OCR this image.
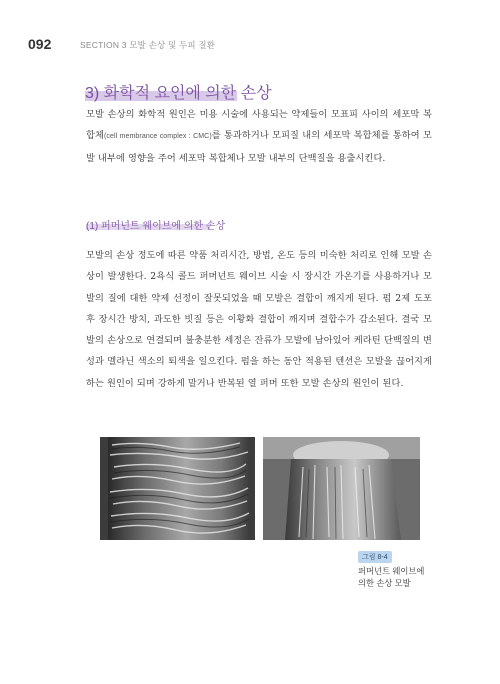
092	SECTION 3 모발 손상 및 두피 질환
3) 화학적 요인에 의한 손상
모발 손상의 화학적 원인은 미용 시술에 사용되는 약제들이 모표피 사이의 세포막 복합체(cell membrance complex : CMC)를 통과하거나 모피질 내의 세포막 복합체를 통하여 모발 내부에 영향을 주어 세포막 복합체나 모발 내부의 단백질을 용출시킨다.
(1) 퍼머넌트 웨이브에 의한 손상
모발의 손상 정도에 따른 약품 처리시간, 방법, 온도 등의 미숙한 처리로 인해 모발 손상이 발생한다. 2욕식 콜드 퍼머넌트 웨이브 시술 시 장시간 가온기를 사용하거나 모발의 질에 대한 약제 선정이 잘못되었을 때 모발은 결합이 깨지게 된다. 펌 2제 도포 후 장시간 방치, 과도한 빗질 등은 이황화 결합이 깨지며 결합수가 감소된다. 결국 모발의 손상으로 연결되며 불충분한 세정은 잔류가 모발에 남아있어 케라틴 단백질의 변성과 멜라닌 색소의 퇴색을 일으킨다. 펌을 하는 동안 적용된 텐션은 모발을 끊어지게 하는 원인이 되며 강하게 말거나 반복된 열 퍼머 또한 모발 손상의 원인이 된다.
그림 8-4
퍼머넌트 웨이브에
의한 손상 모발
